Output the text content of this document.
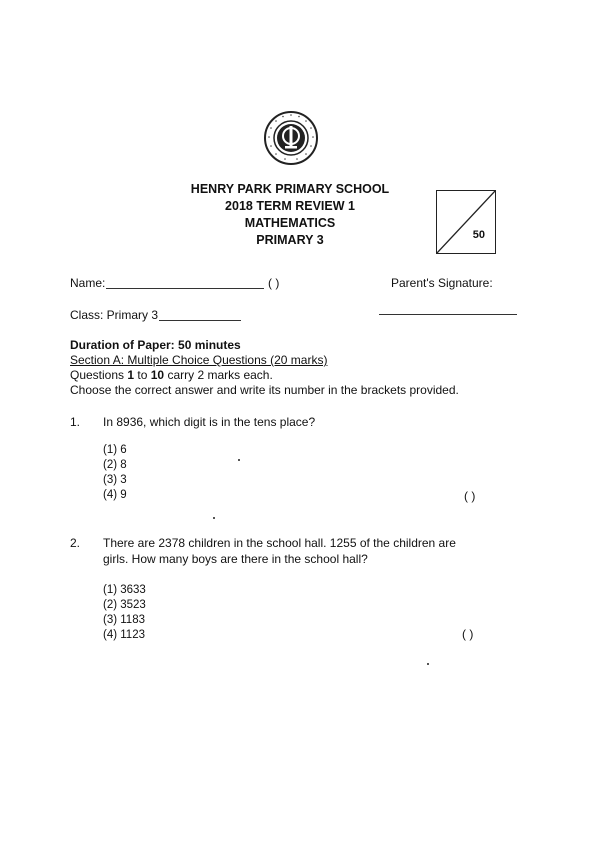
HENRY PARK PRIMARY SCHOOL
2018 TERM REVIEW 1
MATHEMATICS
PRIMARY 3	50
Name:	( )	Parent's Signature:
Class: Primary 3
Duration of Paper: 50 minutes
Section A: Multiple Choice Questions (20 marks)
Questions 1 to 10 carry 2 marks each.
Choose the correct answer and write its number in the brackets provided.
1. In 8936, which digit is in the tens place?
(1) 6
(2) 8
(3) 3
(4) 9	( )
2. There are 2378 children in the school hall. 1255 of the children are
girls. How many boys are there in the school hall?
(1) 3633
(2) 3523
(3) 1183
(4) 1123	( )
